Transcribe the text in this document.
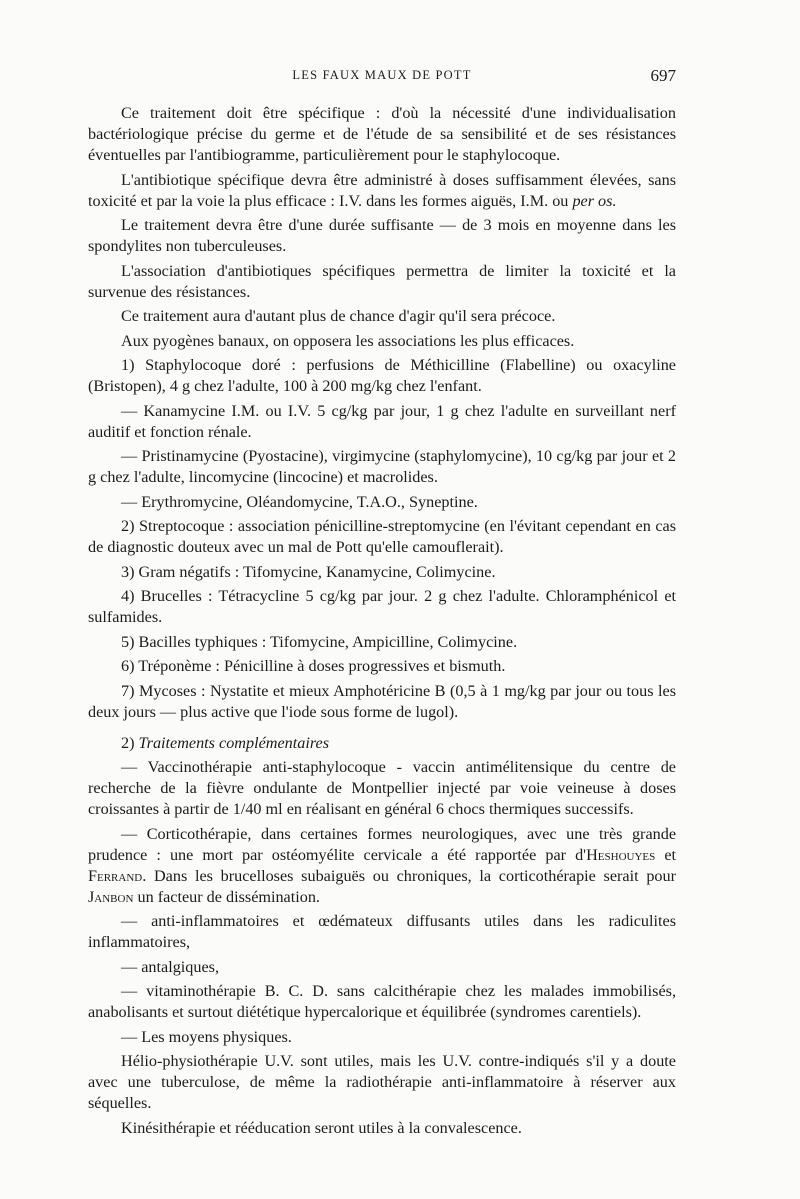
LES FAUX MAUX DE POTT	697

Ce traitement doit être spécifique : d'où la nécessité d'une individualisation bactériologique précise du germe et de l'étude de sa sensibilité et de ses résistances éventuelles par l'antibiogramme, particulièrement pour le staphylocoque.

L'antibiotique spécifique devra être administré à doses suffisamment élevées, sans toxicité et par la voie la plus efficace : I.V. dans les formes aiguës, I.M. ou per os.

Le traitement devra être d'une durée suffisante — de 3 mois en moyenne dans les spondylites non tuberculeuses.

L'association d'antibiotiques spécifiques permettra de limiter la toxicité et la survenue des résistances.

Ce traitement aura d'autant plus de chance d'agir qu'il sera précoce.

Aux pyogènes banaux, on opposera les associations les plus efficaces.

1) Staphylocoque doré : perfusions de Méthicilline (Flabelline) ou oxacyline (Bristopen), 4 g chez l'adulte, 100 à 200 mg/kg chez l'enfant.

— Kanamycine I.M. ou I.V. 5 cg/kg par jour, 1 g chez l'adulte en surveillant nerf auditif et fonction rénale.

— Pristinamycine (Pyostacine), virgimycine (staphylomycine), 10 cg/kg par jour et 2 g chez l'adulte, lincomycine (lincocine) et macrolides.

— Erythromycine, Oléandomycine, T.A.O., Syneptine.

2) Streptocoque : association pénicilline-streptomycine (en l'évitant cependant en cas de diagnostic douteux avec un mal de Pott qu'elle camouflerait).

3) Gram négatifs : Tifomycine, Kanamycine, Colimycine.

4) Brucelles : Tétracycline 5 cg/kg par jour. 2 g chez l'adulte. Chloramphénicol et sulfamides.

5) Bacilles typhiques : Tifomycine, Ampicilline, Colimycine.

6) Tréponème : Pénicilline à doses progressives et bismuth.

7) Mycoses : Nystatite et mieux Amphotéricine B (0,5 à 1 mg/kg par jour ou tous les deux jours — plus active que l'iode sous forme de lugol).

2) Traitements complémentaires

— Vaccinothérapie anti-staphylocoque - vaccin antimélitensique du centre de recherche de la fièvre ondulante de Montpellier injecté par voie veineuse à doses croissantes à partir de 1/40 ml en réalisant en général 6 chocs thermiques successifs.

— Corticothérapie, dans certaines formes neurologiques, avec une très grande prudence : une mort par ostéomyélite cervicale a été rapportée par d'Heshouyes et Ferrand. Dans les brucelloses subaiguës ou chroniques, la corticothérapie serait pour Janbon un facteur de dissémination.

— anti-inflammatoires et œdémateux diffusants utiles dans les radiculites inflammatoires,

— antalgiques,

— vitaminothérapie B. C. D. sans calcithérapie chez les malades immobilisés, anabolisants et surtout diététique hypercalorique et équilibrée (syndromes carentiels).

— Les moyens physiques.

Hélio-physiothérapie U.V. sont utiles, mais les U.V. contre-indiqués s'il y a doute avec une tuberculose, de même la radiothérapie anti-inflammatoire à réserver aux séquelles.

Kinésithérapie et rééducation seront utiles à la convalescence.
